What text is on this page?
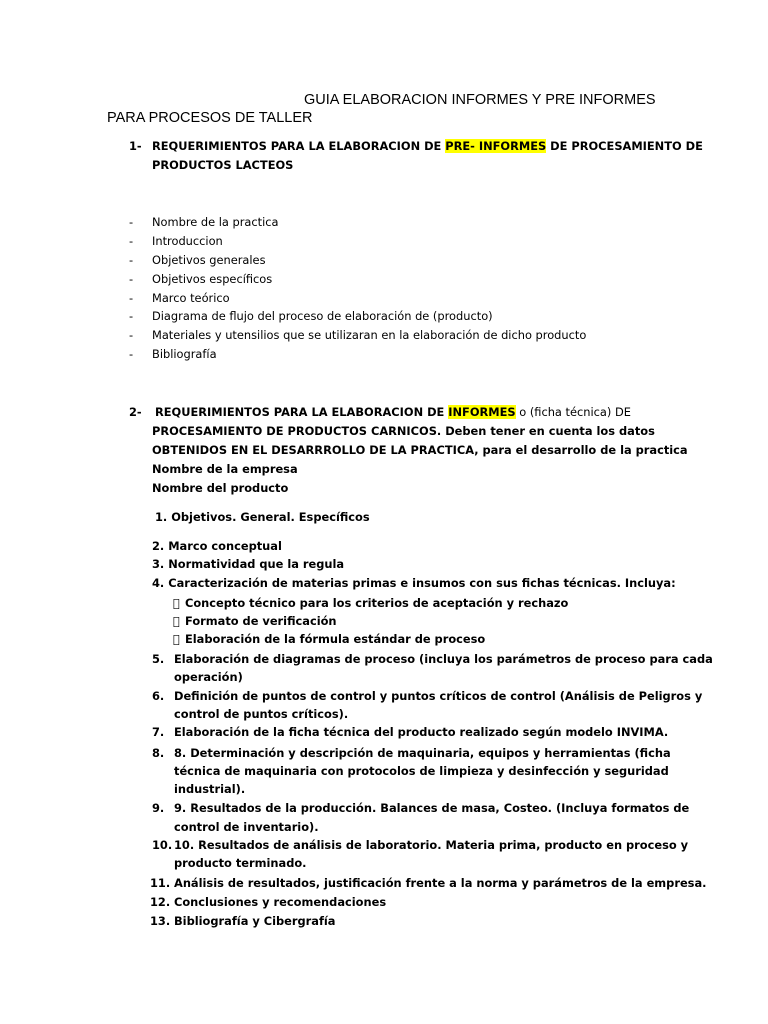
GUIA ELABORACION INFORMES Y PRE INFORMES
PARA PROCESOS DE TALLER
1- REQUERIMIENTOS PARA LA ELABORACION DE PRE- INFORMES DE PROCESAMIENTO DE
PRODUCTOS LACTEOS
- Nombre de la practica
- Introduccion
- Objetivos generales
- Objetivos específicos
- Marco teórico
- Diagrama de flujo del proceso de elaboración de (producto)
- Materiales y utensilios que se utilizaran en la elaboración de dicho producto
- Bibliografía
2- REQUERIMIENTOS PARA LA ELABORACION DE INFORMES o (ficha técnica) DE
PROCESAMIENTO DE PRODUCTOS CARNICOS. Deben tener en cuenta los datos
OBTENIDOS EN EL DESARRROLLO DE LA PRACTICA, para el desarrollo de la practica
Nombre de la empresa
Nombre del producto
1. Objetivos. General. Específicos
2. Marco conceptual
3. Normatividad que la regula
4. Caracterización de materias primas e insumos con sus fichas técnicas. Incluya:
Concepto técnico para los criterios de aceptación y rechazo
Formato de verificación
Elaboración de la fórmula estándar de proceso
5. Elaboración de diagramas de proceso (incluya los parámetros de proceso para cada
operación)
6. Definición de puntos de control y puntos críticos de control (Análisis de Peligros y
control de puntos críticos).
7. Elaboración de la ficha técnica del producto realizado según modelo INVIMA.
8. 8. Determinación y descripción de maquinaria, equipos y herramientas (ficha
técnica de maquinaria con protocolos de limpieza y desinfección y seguridad
industrial).
9. 9. Resultados de la producción. Balances de masa, Costeo. (Incluya formatos de
control de inventario).
10. 10. Resultados de análisis de laboratorio. Materia prima, producto en proceso y
producto terminado.
11. Análisis de resultados, justificación frente a la norma y parámetros de la empresa.
12. Conclusiones y recomendaciones
13. Bibliografía y Cibergrafía
